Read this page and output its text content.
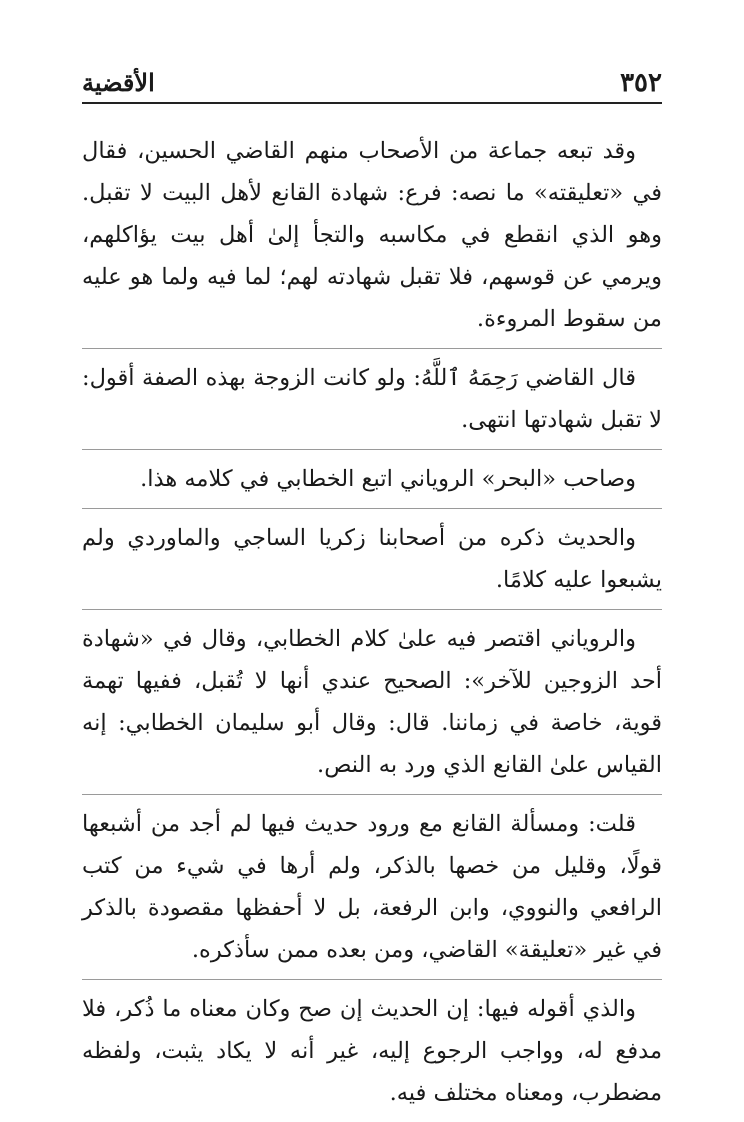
٣٥٢
الأقضية

وقد تبعه جماعة من الأصحاب منهم القاضي الحسين، فقال في «تعليقته» ما نصه: فرع: شهادة القانع لأهل البيت لا تقبل. وهو الذي انقطع في مكاسبه والتجأ إلىٰ أهل بيت يؤاكلهم، ويرمي عن قوسهم، فلا تقبل شهادته لهم؛ لما فيه ولما هو عليه من سقوط المروءة.

قال القاضي رَحِمَهُ ٱللَّهُ: ولو كانت الزوجة بهذه الصفة أقول: لا تقبل شهادتها انتهى.

وصاحب «البحر» الروياني اتبع الخطابي في كلامه هذا.

والحديث ذكره من أصحابنا زكريا الساجي والماوردي ولم يشبعوا عليه كلامًا.

والروياني اقتصر فيه علىٰ كلام الخطابي، وقال في «شهادة أحد الزوجين للآخر»: الصحيح عندي أنها لا تُقبل، ففيها تهمة قوية، خاصة في زماننا. قال: وقال أبو سليمان الخطابي: إنه القياس علىٰ القانع الذي ورد به النص.

قلت: ومسألة القانع مع ورود حديث فيها لم أجد من أشبعها قولًا، وقليل من خصها بالذكر، ولم أرها في شيء من كتب الرافعي والنووي، وابن الرفعة، بل لا أحفظها مقصودة بالذكر في غير «تعليقة» القاضي، ومن بعده ممن سأذكره.

والذي أقوله فيها: إن الحديث إن صح وكان معناه ما ذُكر، فلا مدفع له، وواجب الرجوع إليه، غير أنه لا يكاد يثبت، ولفظه مضطرب، ومعناه مختلف فيه.
